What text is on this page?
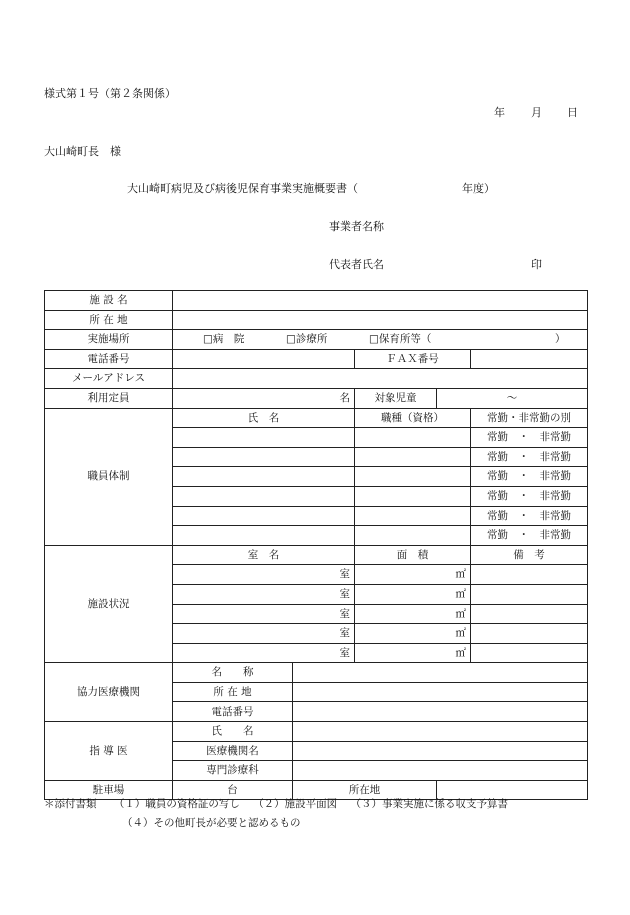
様式第１号（第２条関係）
年 月 日
大山崎町長　様
大山崎町病児及び病後児保育事業実施概要書（	年度）
事業者名称
代表者氏名	印
施 設 名					
所 在 地					
実施場所	□病　院 □診療所 □保育所等（ ）				

電話番号			ＦＡＸ番号		
メールアドレス					
利用定員	名		対象児童	～	
職員体制	氏　名		職種（資格）		常勤・非常勤の別
					常勤　・　非常勤
					常勤　・　非常勤
					常勤　・　非常勤
					常勤　・　非常勤
					常勤　・　非常勤
					常勤　・　非常勤
施設状況	室　名		面　積		備　考
	室		㎡		
	室		㎡		
	室		㎡		
	室		㎡		
	室		㎡		
協力医療機関	名　　称				
	所 在 地				
	電話番号				
指 導 医	氏　　名				
	医療機関名				
	専門診療科				
駐車場	台	所在地			
＊添付書類 （１）職員の資格証の写し （２）施設平面図 （３）事業実施に係る収支予算書
（４）その他町長が必要と認めるもの
